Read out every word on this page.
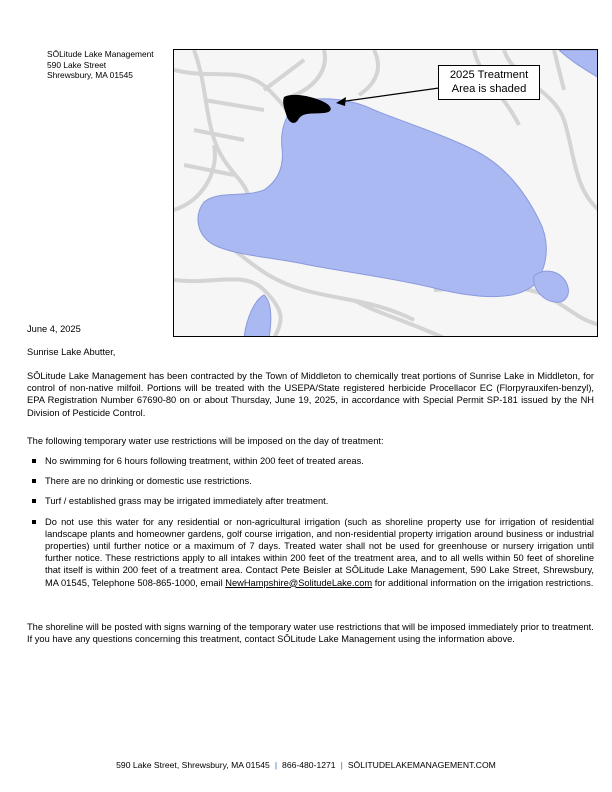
SŌLitude Lake Management
590 Lake Street
Shrewsbury, MA 01545	2025 Treatment
Area is shaded
June 4, 2025
Sunrise Lake Abutter,
SŌLitude Lake Management has been contracted by the Town of Middleton to chemically treat portions of Sunrise Lake in Middleton, for control of non-native milfoil. Portions will be treated with the USEPA/State registered herbicide Procellacor EC (Florpyrauxifen-benzyl), EPA Registration Number 67690-80 on or about Thursday, June 19, 2025, in accordance with Special Permit SP-181 issued by the NH Division of Pesticide Control.
The following temporary water use restrictions will be imposed on the day of treatment:
No swimming for 6 hours following treatment, within 200 feet of treated areas.
There are no drinking or domestic use restrictions.
Turf / established grass may be irrigated immediately after treatment.
Do not use this water for any residential or non-agricultural irrigation (such as shoreline property use for irrigation of residential landscape plants and homeowner gardens, golf course irrigation, and non-residential property irrigation around business or industrial properties) until further notice or a maximum of 7 days. Treated water shall not be used for greenhouse or nursery irrigation until further notice. These restrictions apply to all intakes within 200 feet of the treatment area, and to all wells within 50 feet of shoreline that itself is within 200 feet of a treatment area. Contact Pete Beisler at SŌLitude Lake Management, 590 Lake Street, Shrewsbury, MA 01545, Telephone 508-865-1000, email NewHampshire@SolitudeLake.com for additional information on the irrigation restrictions.
The shoreline will be posted with signs warning of the temporary water use restrictions that will be imposed immediately prior to treatment. If you have any questions concerning this treatment, contact SŌLitude Lake Management using the information above.
590 Lake Street, Shrewsbury, MA 01545 | 866-480-1271 | SŌLITUDELAKEMANAGEMENT.COM
